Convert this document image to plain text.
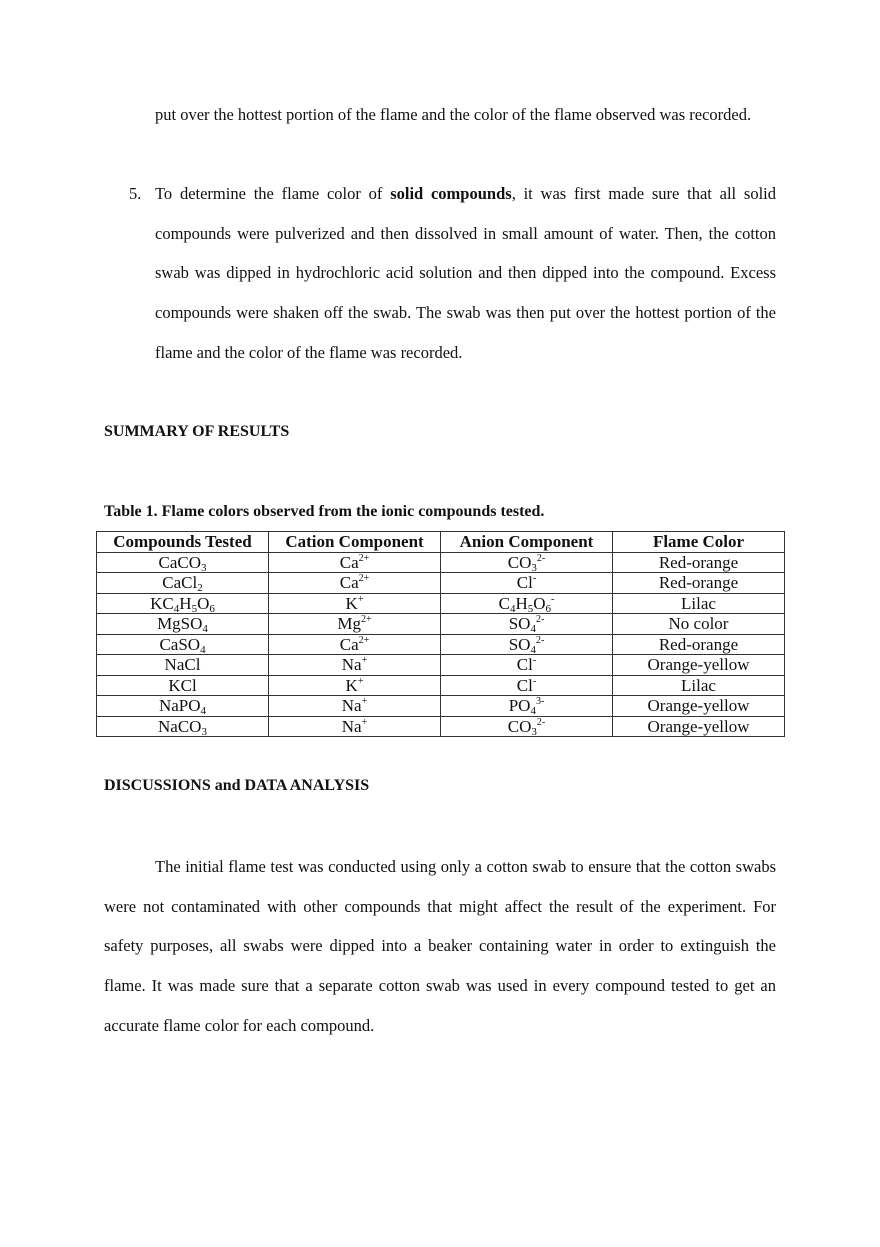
put over the hottest portion of the flame and the color of the flame observed was recorded.

5. To determine the flame color of solid compounds, it was first made sure that all solid compounds were pulverized and then dissolved in small amount of water. Then, the cotton swab was dipped in hydrochloric acid solution and then dipped into the compound. Excess compounds were shaken off the swab. The swab was then put over the hottest portion of the flame and the color of the flame was recorded.

SUMMARY OF RESULTS
Table 1. Flame colors observed from the ionic compounds tested.
Compounds Tested	Cation Component	Anion Component	Flame Color
CaCO$_3$	$Ca^{2+}$	$CO_3^{2-}$	Red-orange
CaCl$_2$	$Ca^{2+}$	Cl-	Red-orange
$KC_4H_5O_6$	K+	$C_4H_5O_6^-$	Lilac
MgSO$_4$	$Mg^{2+}$	$SO_4^{2-}$	No color
CaSO$_4$	$Ca^{2+}$	$SO_4^{2-}$	Red-orange
NaCl	Na+	Cl-	Orange-yellow
KCl	K+	Cl-	Lilac
NaPO$_4$	Na+	$PO_4^{3-}$	Orange-yellow
NaCO$_3$	Na+	$CO_3^{2-}$	Orange-yellow
DISCUSSIONS and DATA ANALYSIS

The initial flame test was conducted using only a cotton swab to ensure that the cotton swabs were not contaminated with other compounds that might affect the result of the experiment. For safety purposes, all swabs were dipped into a beaker containing water in order to extinguish the flame. It was made sure that a separate cotton swab was used in every compound tested to get an accurate flame color for each compound.
